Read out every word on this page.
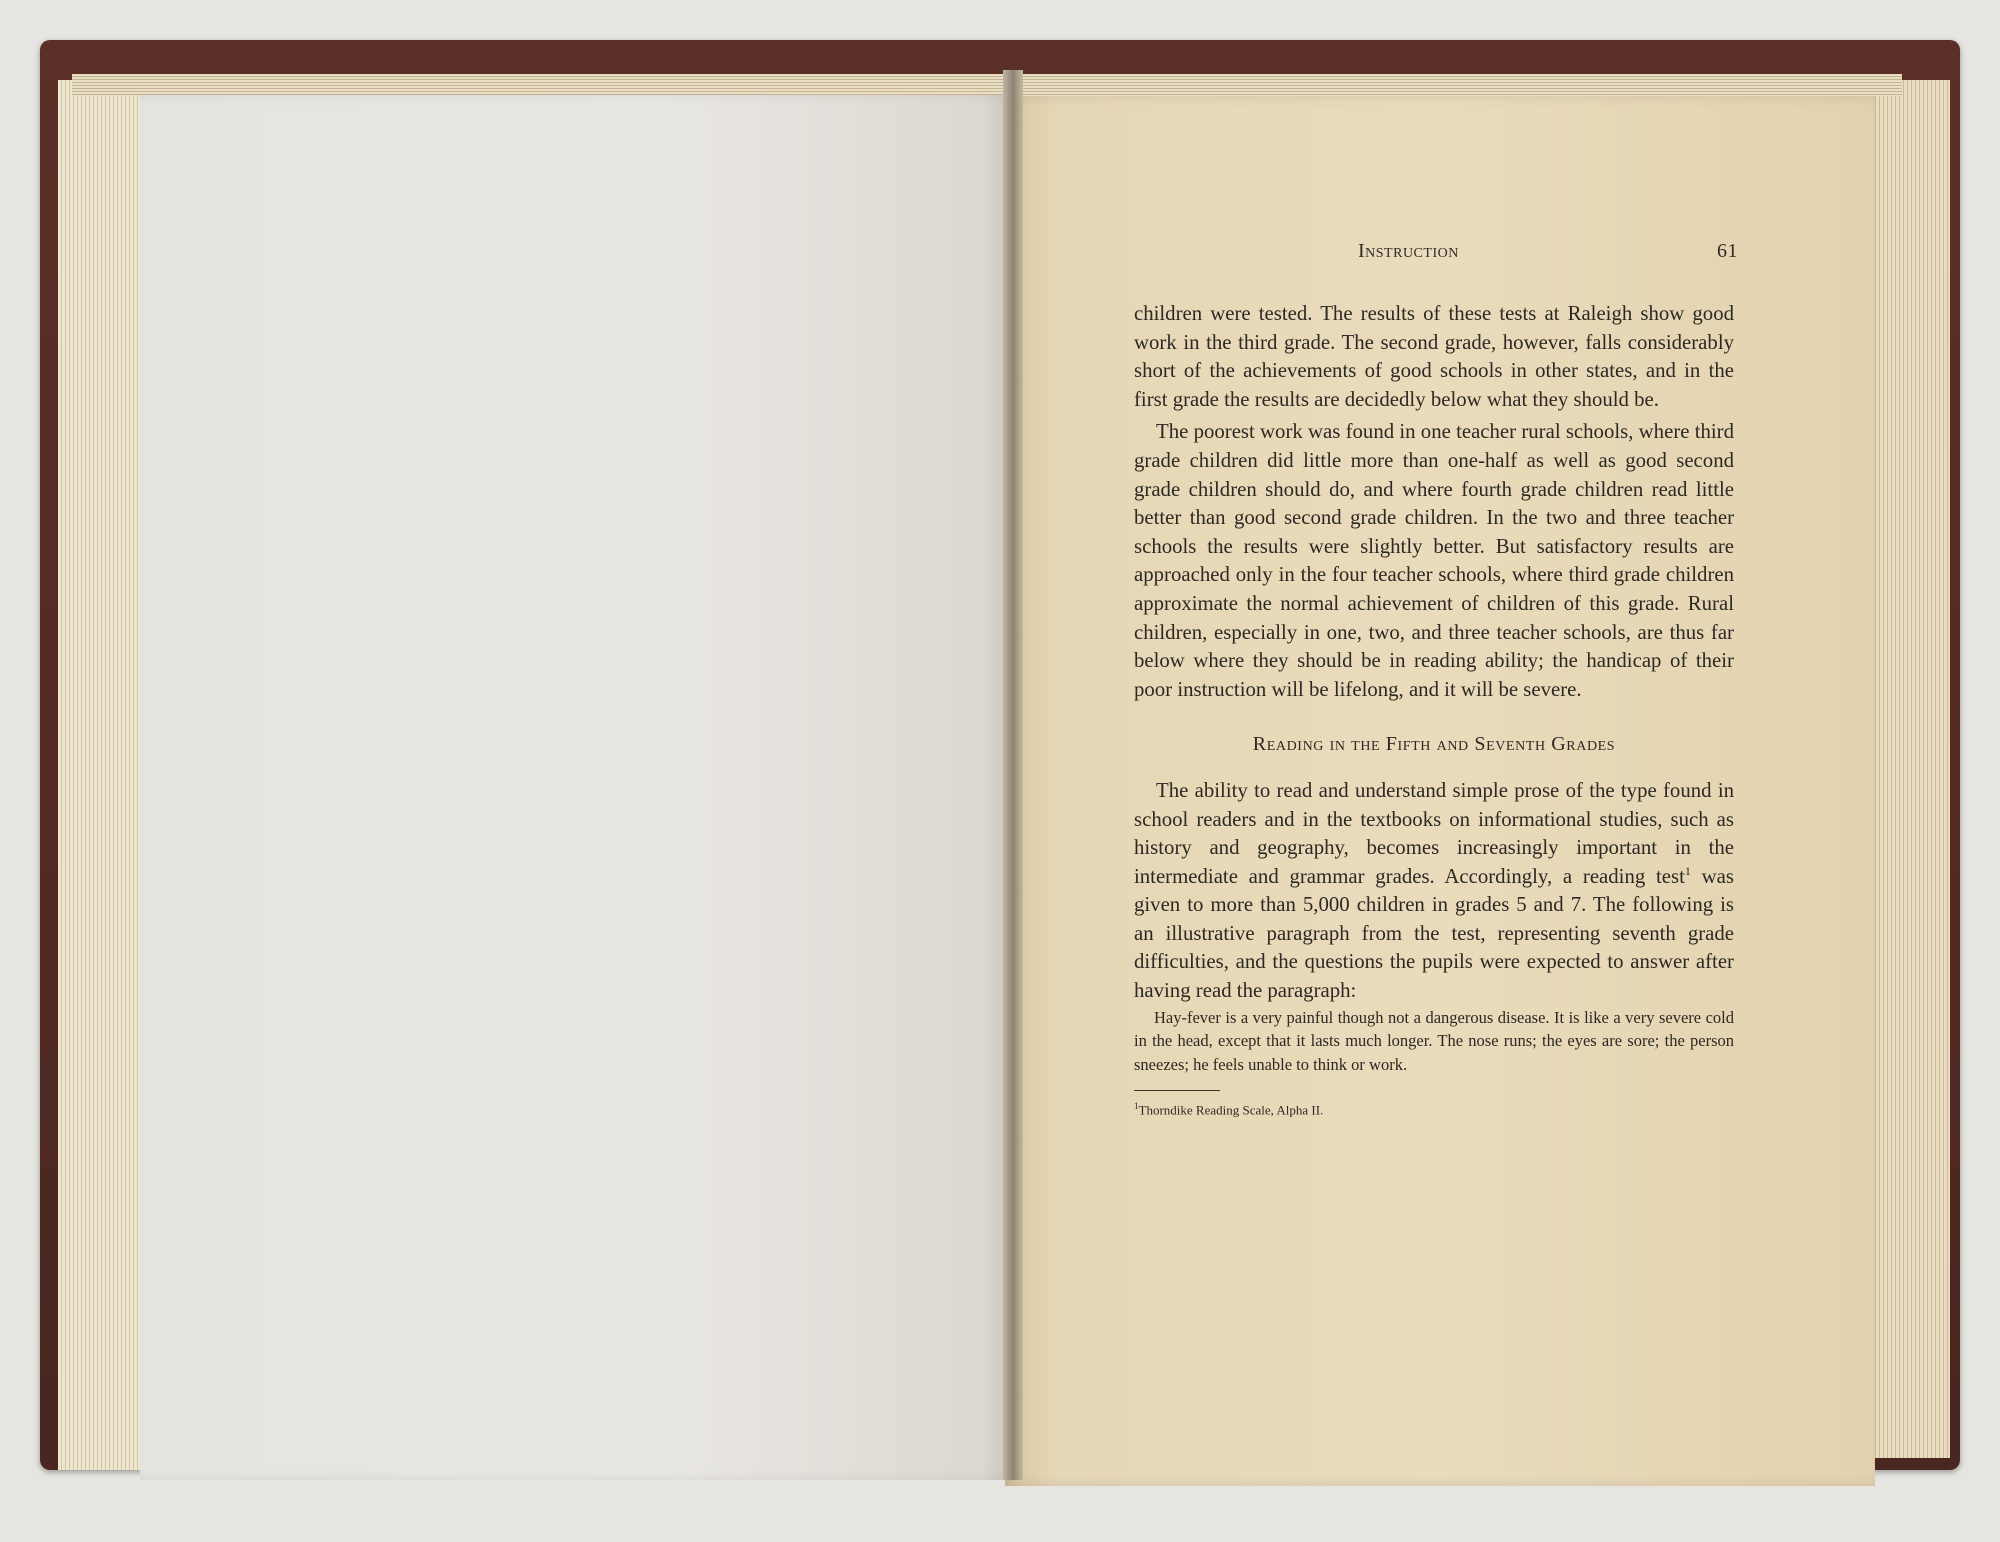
Instruction	61

children were tested. The results of these tests at Raleigh show good work in the third grade. The second grade, however, falls considerably short of the achievements of good schools in other states, and in the first grade the results are decidedly below what they should be.

The poorest work was found in one teacher rural schools, where third grade children did little more than one-half as well as good second grade children should do, and where fourth grade children read little better than good second grade children. In the two and three teacher schools the results were slightly better. But satisfactory results are approached only in the four teacher schools, where third grade children approximate the normal achievement of children of this grade. Rural children, especially in one, two, and three teacher schools, are thus far below where they should be in reading ability; the handicap of their poor instruction will be lifelong, and it will be severe.

Reading in the Fifth and Seventh Grades

The ability to read and understand simple prose of the type found in school readers and in the textbooks on informational studies, such as history and geography, becomes increasingly important in the intermediate and grammar grades. Accordingly, a reading test$^1$ was given to more than 5,000 children in grades 5 and 7. The following is an illustrative paragraph from the test, representing seventh grade difficulties, and the questions the pupils were expected to answer after having read the paragraph:

Hay-fever is a very painful though not a dangerous disease. It is like a very severe cold in the head, except that it lasts much longer. The nose runs; the eyes are sore; the person sneezes; he feels unable to think or work.

$^1$Thorndike Reading Scale, Alpha II.
